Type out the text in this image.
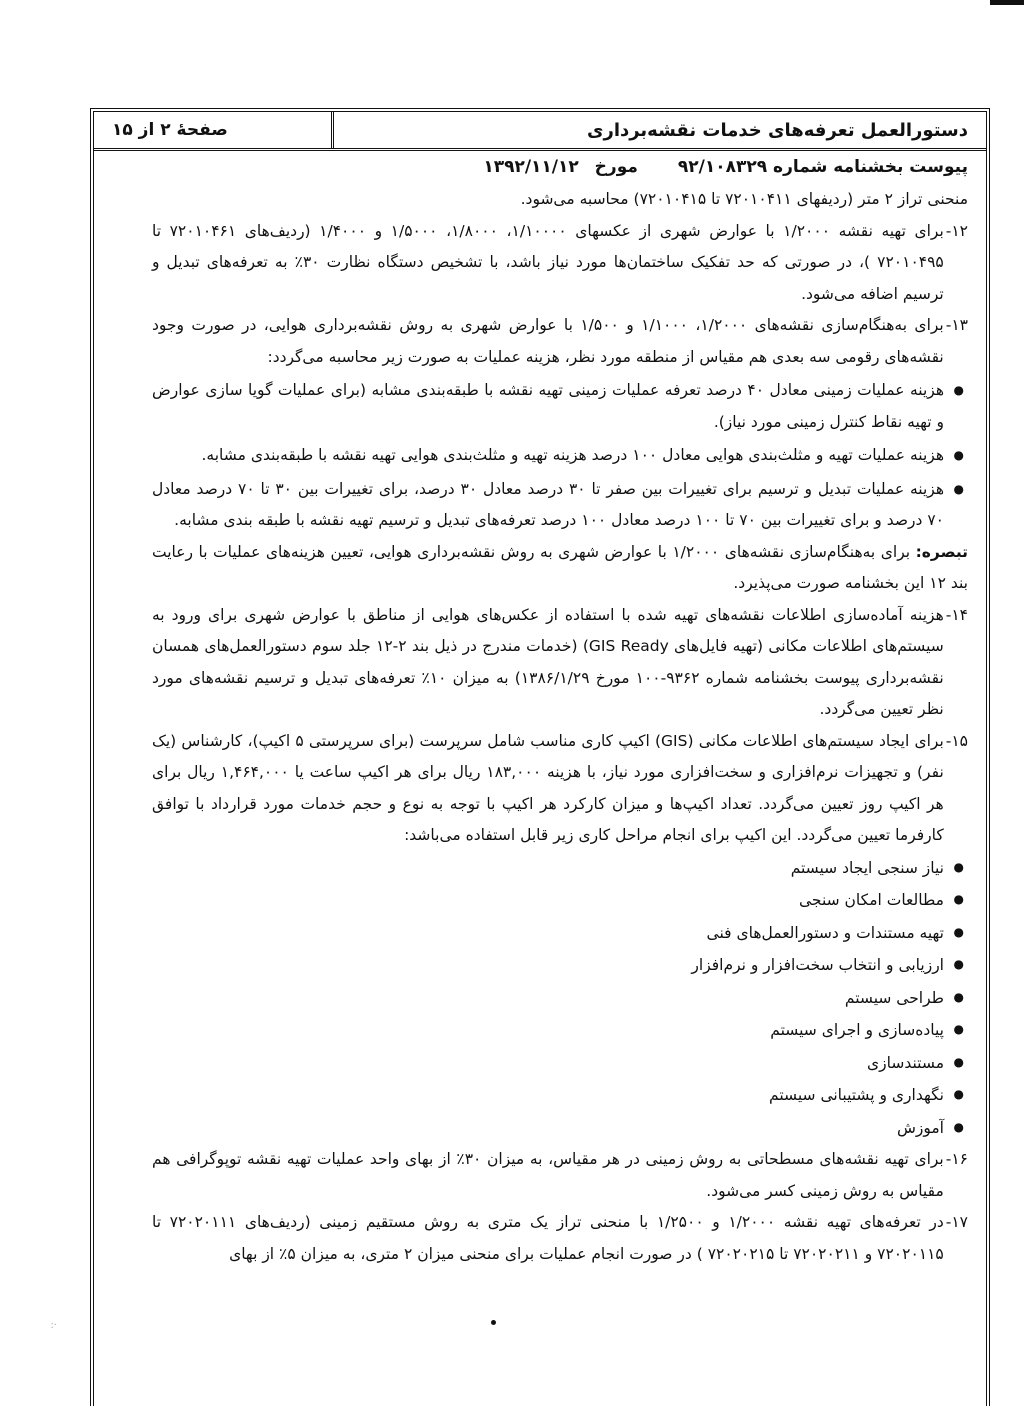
دستورالعمل تعرفه‌های خدمات نقشه‌برداری
صفحهٔ ۲ از ۱۵
پیوست بخشنامه شماره ۹۲/۱۰۸۳۲۹
مورخ ۱۳۹۲/۱۱/۱۲

منحنی تراز ۲ متر (ردیفهای ۷۲۰۱۰۴۱۱ تا ۷۲۰۱۰۴۱۵) محاسبه می‌شود.

۱۲-
برای تهیه نقشه ۱/۲۰۰۰ با عوارض شهری از عکسهای ۱/۱۰۰۰۰، ۱/۸۰۰۰، ۱/۵۰۰۰ و ۱/۴۰۰۰ (ردیف‌های ۷۲۰۱۰۴۶۱ تا ۷۲۰۱۰۴۹۵ )، در صورتی که حد تفکیک ساختمان‌ها مورد نیاز باشد، با تشخیص دستگاه نظارت ۳۰٪ به تعرفه‌های تبدیل و ترسیم اضافه می‌شود.
۱۳-
برای به‌هنگام‌سازی نقشه‌های ۱/۲۰۰۰، ۱/۱۰۰۰ و ۱/۵۰۰ با عوارض شهری به روش نقشه‌برداری هوایی، در صورت وجود نقشه‌های رقومی سه بعدی هم مقیاس از منطقه مورد نظر، هزینه عملیات به صورت زیر محاسبه می‌گردد:
●
هزینه عملیات زمینی معادل ۴۰ درصد تعرفه عملیات زمینی تهیه نقشه با طبقه‌بندی مشابه (برای عملیات گویا سازی عوارض و تهیه نقاط کنترل زمینی مورد نیاز).
●
هزینه عملیات تهیه و مثلث‌بندی هوایی معادل ۱۰۰ درصد هزینه تهیه و مثلث‌بندی هوایی تهیه نقشه با طبقه‌بندی مشابه.
●
هزینه عملیات تبدیل و ترسیم برای تغییرات بین صفر تا ۳۰ درصد معادل ۳۰ درصد، برای تغییرات بین ۳۰ تا ۷۰ درصد معادل ۷۰ درصد و برای تغییرات بین ۷۰ تا ۱۰۰ درصد معادل ۱۰۰ درصد تعرفه‌های تبدیل و ترسیم تهیه نقشه با طبقه بندی مشابه.

تبصره: برای به‌هنگام‌سازی نقشه‌های ۱/۲۰۰۰ با عوارض شهری به روش نقشه‌برداری هوایی، تعیین هزینه‌های عملیات با رعایت بند ۱۲ این بخشنامه صورت می‌پذیرد.

۱۴-
هزینه آماده‌سازی اطلاعات نقشه‌های تهیه شده با استفاده از عکس‌های هوایی از مناطق با عوارض شهری برای ورود به سیستم‌های اطلاعات مکانی (تهیه فایل‌های GIS Ready) (خدمات مندرج در ذیل بند ۲-۱۲ جلد سوم دستورالعمل‌های همسان نقشه‌برداری پیوست بخشنامه شماره ۹۳۶۲-۱۰۰ مورخ ۱۳۸۶/۱/۲۹) به میزان ۱۰٪ تعرفه‌های تبدیل و ترسیم نقشه‌های مورد نظر تعیین می‌گردد.
۱۵-
برای ایجاد سیستم‌های اطلاعات مکانی (GIS) اکیپ کاری مناسب شامل سرپرست (برای سرپرستی ۵ اکیپ)، کارشناس (یک نفر) و تجهیزات نرم‌افزاری و سخت‌افزاری مورد نیاز، با هزینه ۱۸۳,۰۰۰ ریال برای هر اکیپ ساعت یا ۱,۴۶۴,۰۰۰ ریال برای هر اکیپ روز تعیین می‌گردد. تعداد اکیپ‌ها و میزان کارکرد هر اکیپ با توجه به نوع و حجم خدمات مورد قرارداد با توافق کارفرما تعیین می‌گردد. این اکیپ برای انجام مراحل کاری زیر قابل استفاده می‌باشد:
●
نیاز سنجی ایجاد سیستم
●
مطالعات امکان سنجی
●
تهیه مستندات و دستورالعمل‌های فنی
●
ارزیابی و انتخاب سخت‌افزار و نرم‌افزار
●
طراحی سیستم
●
پیاده‌سازی و اجرای سیستم
●
مستندسازی
●
نگهداری و پشتیبانی سیستم
●
آموزش
۱۶-
برای تهیه نقشه‌های مسطحاتی به روش زمینی در هر مقیاس، به میزان ۳۰٪ از بهای واحد عملیات تهیه نقشه توپوگرافی هم مقیاس به روش زمینی کسر می‌شود.
۱۷-
در تعرفه‌های تهیه نقشه ۱/۲۰۰۰ و ۱/۲۵۰۰ با منحنی تراز یک متری به روش مستقیم زمینی (ردیف‌های ۷۲۰۲۰۱۱۱ تا ۷۲۰۲۰۱۱۵ و ۷۲۰۲۰۲۱۱ تا ۷۲۰۲۰۲۱۵ ) در صورت انجام عملیات برای منحنی میزان ۲ متری، به میزان ۵٪ از بهای
·:
